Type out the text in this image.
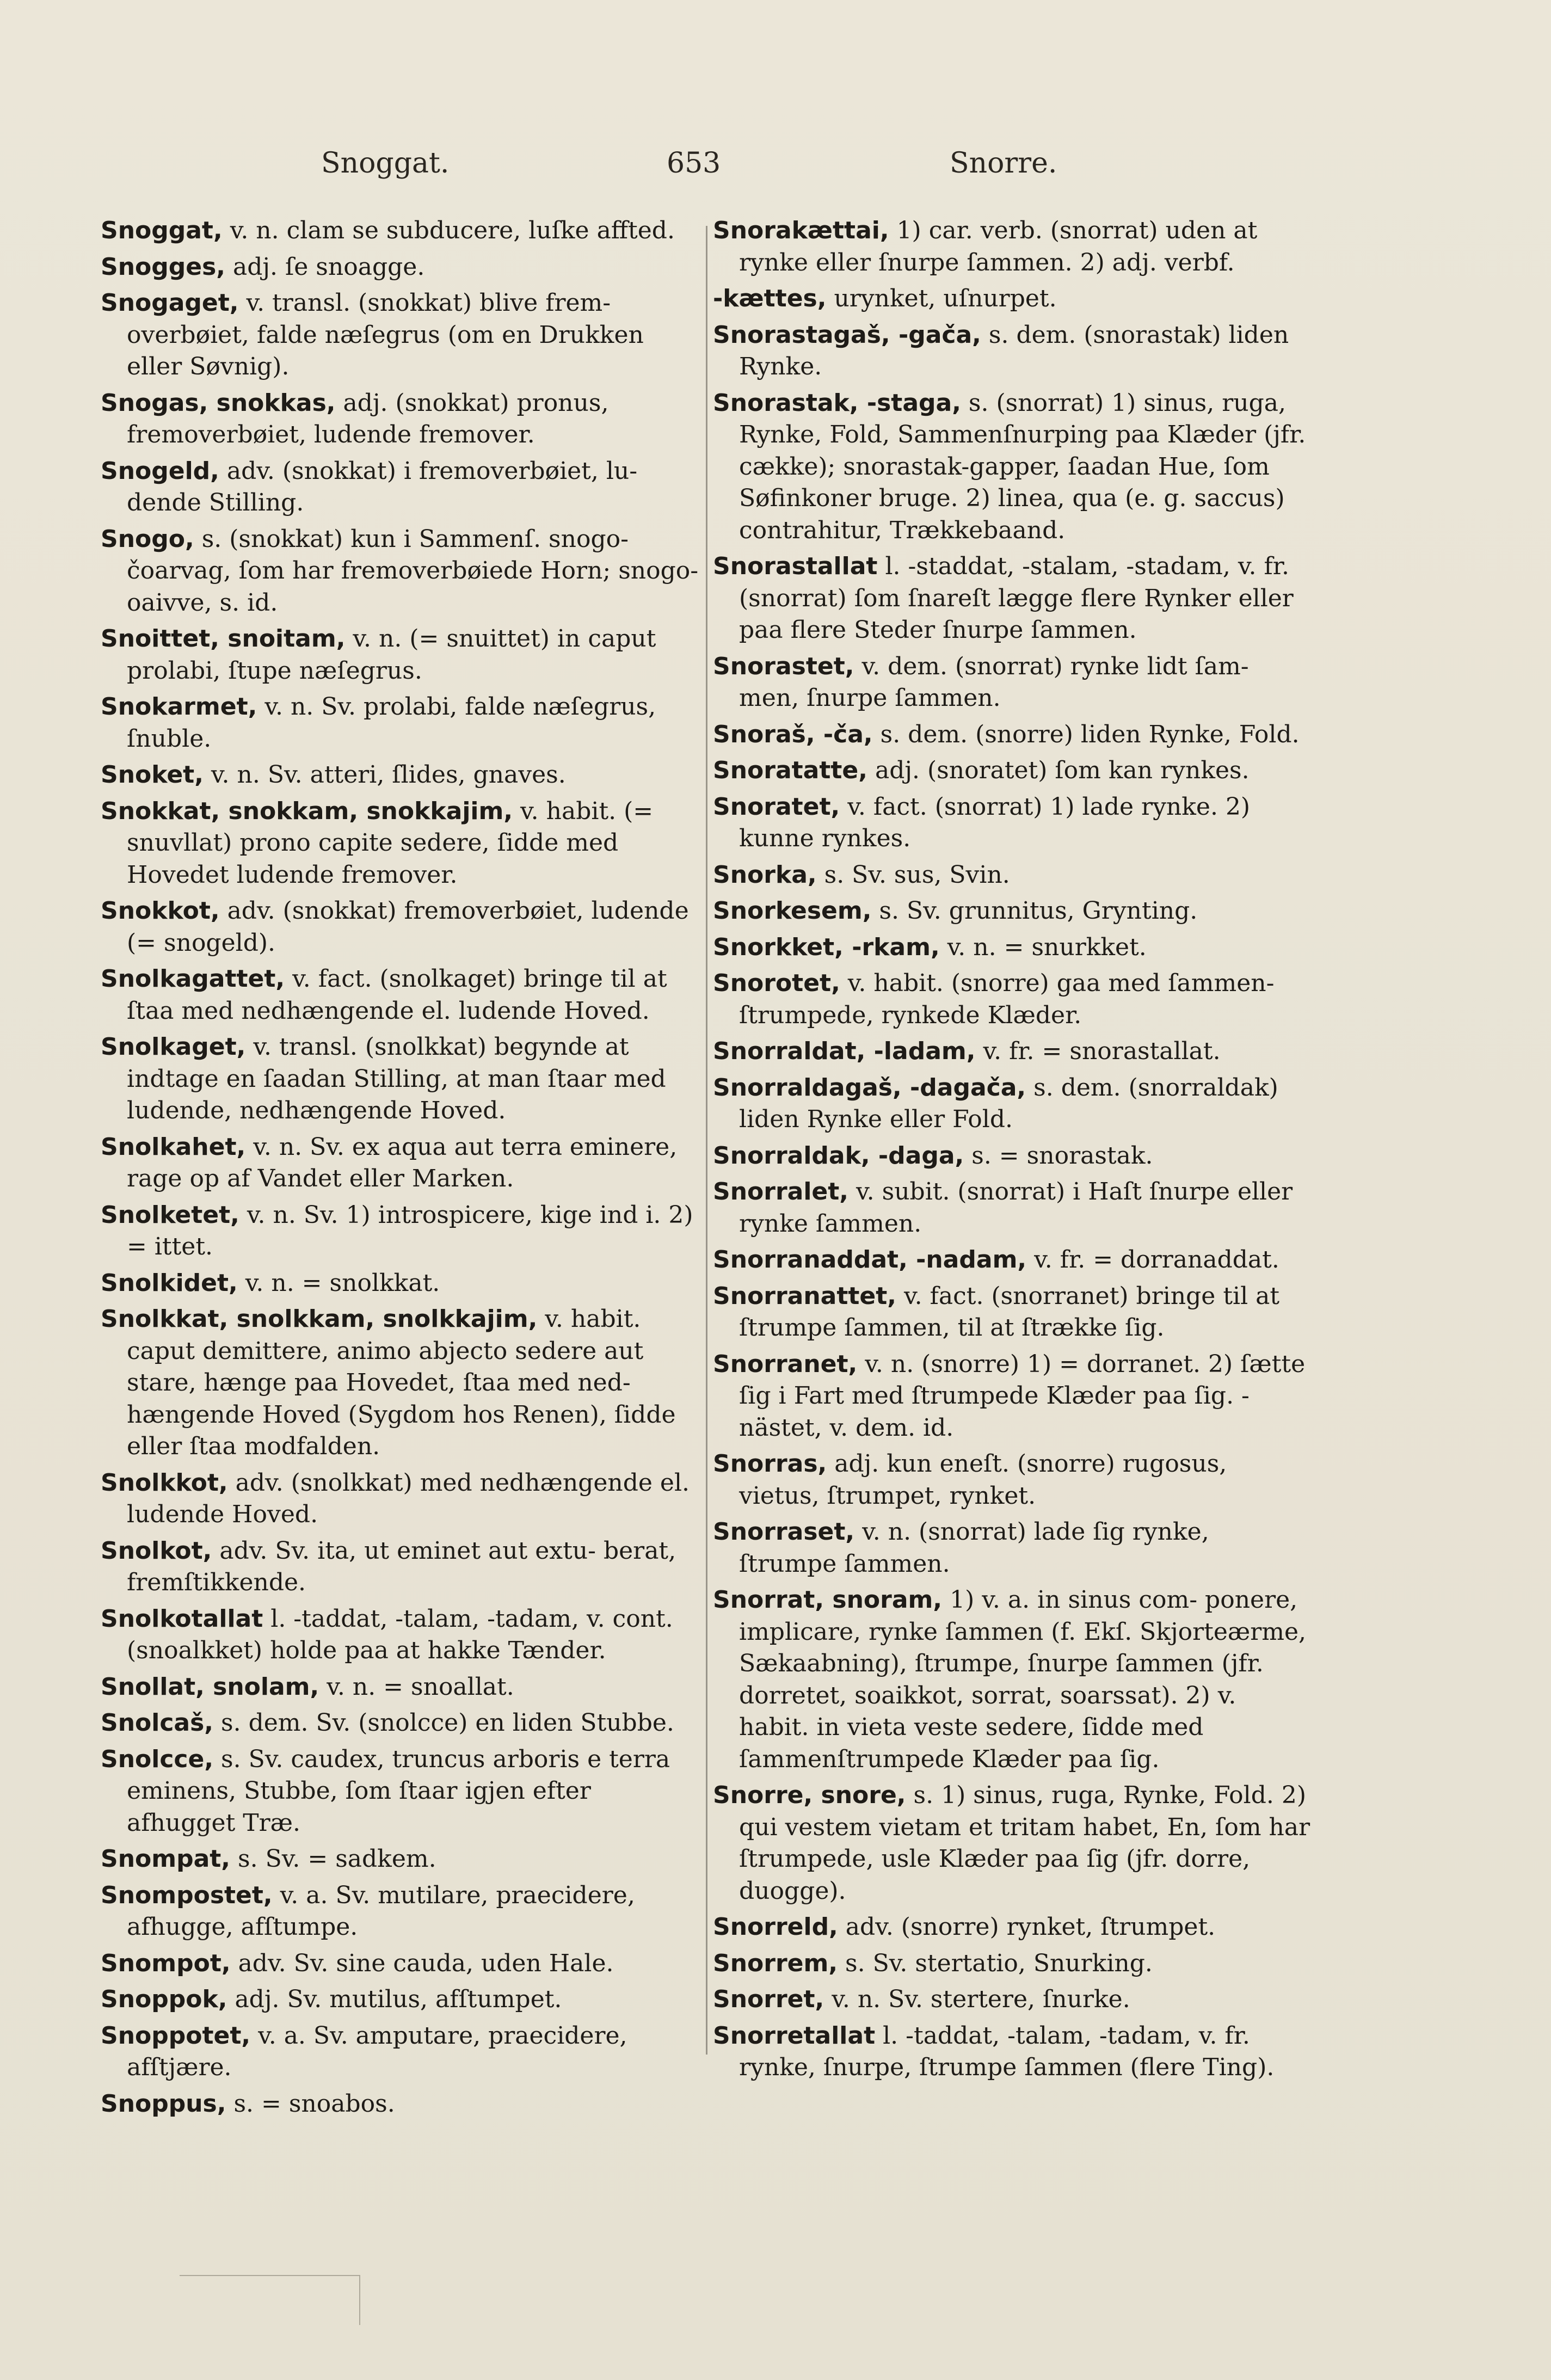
Snoggat.	653	Snorre.

Snoggat, v. n. clam se subducere, luſke affted.

Snogges, adj. ſe snoagge.

Snogaget, v. transl. (snokkat) blive frem- overbøiet, falde næſegrus (om en Drukken eller Søvnig).

Snogas, snokkas, adj. (snokkat) pronus, fremoverbøiet, ludende fremover.

Snogeld, adv. (snokkat) i fremoverbøiet, lu- dende Stilling.

Snogo, s. (snokkat) kun i Sammenſ. snogo- čoarvag, ſom har fremoverbøiede Horn; snogo-oaivve, s. id.

Snoittet, snoitam, v. n. (= snuittet) in caput prolabi, ſtupe næſegrus.

Snokarmet, v. n. Sv. prolabi, falde næſegrus, ſnuble.

Snoket, v. n. Sv. atteri, ſlides, gnaves.

Snokkat, snokkam, snokkajim, v. habit. (= snuvllat) prono capite sedere, ſidde med Hovedet ludende fremover.

Snokkot, adv. (snokkat) fremoverbøiet, ludende (= snogeld).

Snolkagattet, v. fact. (snolkaget) bringe til at ſtaa med nedhængende el. ludende Hoved.

Snolkaget, v. transl. (snolkkat) begynde at indtage en ſaadan Stilling, at man ſtaar med ludende, nedhængende Hoved.

Snolkahet, v. n. Sv. ex aqua aut terra eminere, rage op af Vandet eller Marken.

Snolketet, v. n. Sv. 1) introspicere, kige ind i. 2) = ittet.

Snolkidet, v. n. = snolkkat.

Snolkkat, snolkkam, snolkkajim, v. habit. caput demittere, animo abjecto sedere aut stare, hænge paa Hovedet, ſtaa med ned- hængende Hoved (Sygdom hos Renen), ſidde eller ſtaa modfalden.

Snolkkot, adv. (snolkkat) med nedhængende el. ludende Hoved.

Snolkot, adv. Sv. ita, ut eminet aut extu- berat, fremſtikkende.

Snolkotallat l. -taddat, -talam, -tadam, v. cont. (snoalkket) holde paa at hakke Tænder.

Snollat, snolam, v. n. = snoallat.

Snolcaš, s. dem. Sv. (snolcce) en liden Stubbe.

Snolcce, s. Sv. caudex, truncus arboris e terra eminens, Stubbe, ſom ſtaar igjen efter afhugget Træ.

Snompat, s. Sv. = sadkem.

Snompostet, v. a. Sv. mutilare, praecidere, afhugge, afſtumpe.

Snompot, adv. Sv. sine cauda, uden Hale.

Snoppok, adj. Sv. mutilus, afſtumpet.

Snoppotet, v. a. Sv. amputare, praecidere, afſtjære.

Snoppus, s. = snoabos.

Snorakættai, 1) car. verb. (snorrat) uden at rynke eller ſnurpe ſammen. 2) adj. verbf.

-kættes, urynket, uſnurpet.

Snorastagaš, -gača, s. dem. (snorastak) liden Rynke.

Snorastak, -staga, s. (snorrat) 1) sinus, ruga, Rynke, Fold, Sammenſnurping paa Klæder (jfr. cække); snorastak-gapper, ſaadan Hue, ſom Søfinkoner bruge. 2) linea, qua (e. g. saccus) contrahitur, Trækkebaand.

Snorastallat l. -staddat, -stalam, -stadam, v. fr. (snorrat) ſom ſnareſt lægge flere Rynker eller paa flere Steder ſnurpe ſammen.

Snorastet, v. dem. (snorrat) rynke lidt ſam- men, ſnurpe ſammen.

Snoraš, -ča, s. dem. (snorre) liden Rynke, Fold.

Snoratatte, adj. (snoratet) ſom kan rynkes.

Snoratet, v. fact. (snorrat) 1) lade rynke. 2) kunne rynkes.

Snorka, s. Sv. sus, Svin.

Snorkesem, s. Sv. grunnitus, Grynting.

Snorkket, -rkam, v. n. = snurkket.

Snorotet, v. habit. (snorre) gaa med ſammen- ſtrumpede, rynkede Klæder.

Snorraldat, -ladam, v. fr. = snorastallat.

Snorraldagaš, -dagača, s. dem. (snorraldak) liden Rynke eller Fold.

Snorraldak, -daga, s. = snorastak.

Snorralet, v. subit. (snorrat) i Haſt ſnurpe eller rynke ſammen.

Snorranaddat, -nadam, v. fr. = dorranaddat.

Snorranattet, v. fact. (snorranet) bringe til at ſtrumpe ſammen, til at ſtrække ſig.

Snorranet, v. n. (snorre) 1) = dorranet. 2) ſætte ſig i Fart med ſtrumpede Klæder paa ſig. -nästet, v. dem. id.

Snorras, adj. kun eneſt. (snorre) rugosus, vietus, ſtrumpet, rynket.

Snorraset, v. n. (snorrat) lade ſig rynke, ſtrumpe ſammen.

Snorrat, snoram, 1) v. a. in sinus com- ponere, implicare, rynke ſammen (f. Ekſ. Skjorteærme, Sækaabning), ſtrumpe, ſnurpe ſammen (jfr. dorretet, soaikkot, sorrat, soarssat). 2) v. habit. in vieta veste sedere, ſidde med ſammenſtrumpede Klæder paa ſig.

Snorre, snore, s. 1) sinus, ruga, Rynke, Fold. 2) qui vestem vietam et tritam habet, En, ſom har ſtrumpede, usle Klæder paa ſig (jfr. dorre, duogge).

Snorreld, adv. (snorre) rynket, ſtrumpet.

Snorrem, s. Sv. stertatio, Snurking.

Snorret, v. n. Sv. stertere, ſnurke.

Snorretallat l. -taddat, -talam, -tadam, v. fr. rynke, ſnurpe, ſtrumpe ſammen (flere Ting).
